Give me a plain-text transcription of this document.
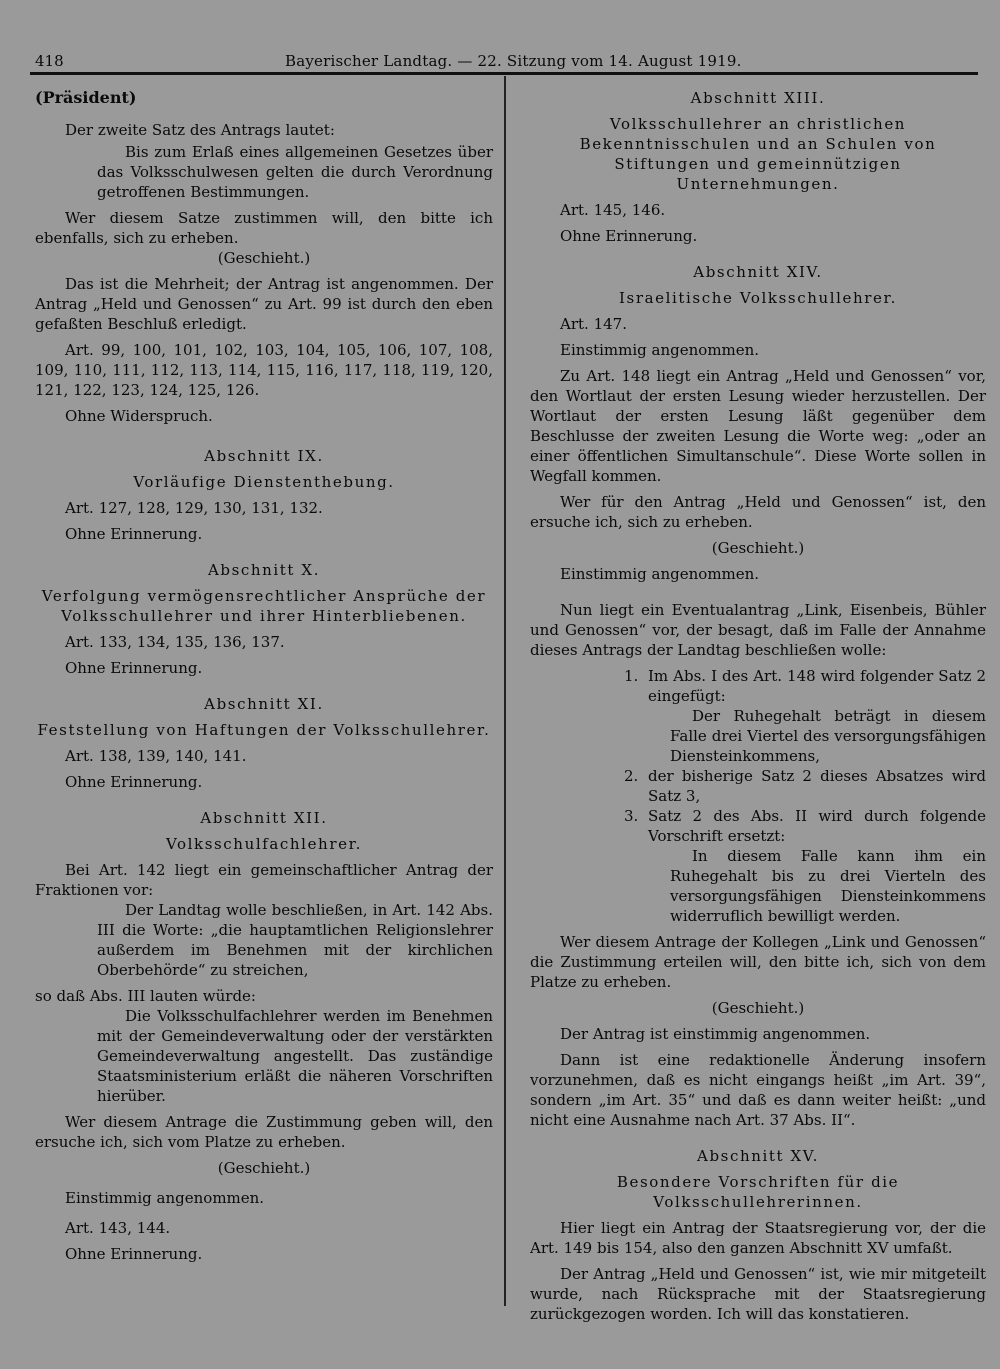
418	Bayerischer Landtag. — 22. Sitzung vom 14. August 1919.

(Präsident)

Der zweite Satz des Antrags lautet:

Bis zum Erlaß eines allgemeinen Gesetzes über das Volksschulwesen gelten die durch Verordnung getroffenen Bestimmungen.

Wer diesem Satze zustimmen will, den bitte ich ebenfalls, sich zu erheben.

(Geschieht.)

Das ist die Mehrheit; der Antrag ist angenommen. Der Antrag „Held und Genossen“ zu Art. 99 ist durch den eben gefaßten Beschluß erledigt.

Art. 99, 100, 101, 102, 103, 104, 105, 106, 107, 108, 109, 110, 111, 112, 113, 114, 115, 116, 117, 118, 119, 120, 121, 122, 123, 124, 125, 126.

Ohne Widerspruch.

Abschnitt IX.

Vorläufige Dienstenthebung.

Art. 127, 128, 129, 130, 131, 132.

Ohne Erinnerung.

Abschnitt X.

Verfolgung vermögensrechtlicher Ansprüche der Volksschullehrer und ihrer Hinterbliebenen.

Art. 133, 134, 135, 136, 137.

Ohne Erinnerung.

Abschnitt XI.

Feststellung von Haftungen der Volksschullehrer.

Art. 138, 139, 140, 141.

Ohne Erinnerung.

Abschnitt XII.

Volksschulfachlehrer.

Bei Art. 142 liegt ein gemeinschaftlicher Antrag der Fraktionen vor:

Der Landtag wolle beschließen, in Art. 142 Abs. III die Worte: „die hauptamtlichen Religionslehrer außerdem im Benehmen mit der kirchlichen Oberbehörde“ zu streichen,

so daß Abs. III lauten würde:

Die Volksschulfachlehrer werden im Benehmen mit der Gemeindeverwaltung oder der verstärkten Gemeindeverwaltung angestellt. Das zuständige Staatsministerium erläßt die näheren Vorschriften hierüber.

Wer diesem Antrage die Zustimmung geben will, den ersuche ich, sich vom Platze zu erheben.

(Geschieht.)

Einstimmig angenommen.

Art. 143, 144.

Ohne Erinnerung.

Abschnitt XIII.

Volksschullehrer an christlichen Bekenntnisschulen und an Schulen von Stiftungen und gemeinnützigen Unternehmungen.

Art. 145, 146.

Ohne Erinnerung.

Abschnitt XIV.

Israelitische Volksschullehrer.

Art. 147.

Einstimmig angenommen.

Zu Art. 148 liegt ein Antrag „Held und Genossen“ vor, den Wortlaut der ersten Lesung wieder herzustellen. Der Wortlaut der ersten Lesung läßt gegenüber dem Beschlusse der zweiten Lesung die Worte weg: „oder an einer öffentlichen Simultanschule“. Diese Worte sollen in Wegfall kommen.

Wer für den Antrag „Held und Genossen“ ist, den ersuche ich, sich zu erheben.

(Geschieht.)

Einstimmig angenommen.

Nun liegt ein Eventualantrag „Link, Eisenbeis, Bühler und Genossen“ vor, der besagt, daß im Falle der Annahme dieses Antrags der Landtag beschließen wolle:

1. Im Abs. I des Art. 148 wird folgender Satz 2 eingefügt:

Der Ruhegehalt beträgt in diesem Falle drei Viertel des versorgungsfähigen Diensteinkommens,

2. der bisherige Satz 2 dieses Absatzes wird Satz 3,
3. Satz 2 des Abs. II wird durch folgende Vorschrift ersetzt:

In diesem Falle kann ihm ein Ruhegehalt bis zu drei Vierteln des versorgungsfähigen Diensteinkommens widerruflich bewilligt werden.

Wer diesem Antrage der Kollegen „Link und Genossen“ die Zustimmung erteilen will, den bitte ich, sich von dem Platze zu erheben.

(Geschieht.)

Der Antrag ist einstimmig angenommen.

Dann ist eine redaktionelle Änderung insofern vorzunehmen, daß es nicht eingangs heißt „im Art. 39“, sondern „im Art. 35“ und daß es dann weiter heißt: „und nicht eine Ausnahme nach Art. 37 Abs. II“.

Abschnitt XV.

Besondere Vorschriften für die Volksschullehrerinnen.

Hier liegt ein Antrag der Staatsregierung vor, der die Art. 149 bis 154, also den ganzen Abschnitt XV umfaßt.

Der Antrag „Held und Genossen“ ist, wie mir mitgeteilt wurde, nach Rücksprache mit der Staatsregierung zurückgezogen worden. Ich will das konstatieren.
